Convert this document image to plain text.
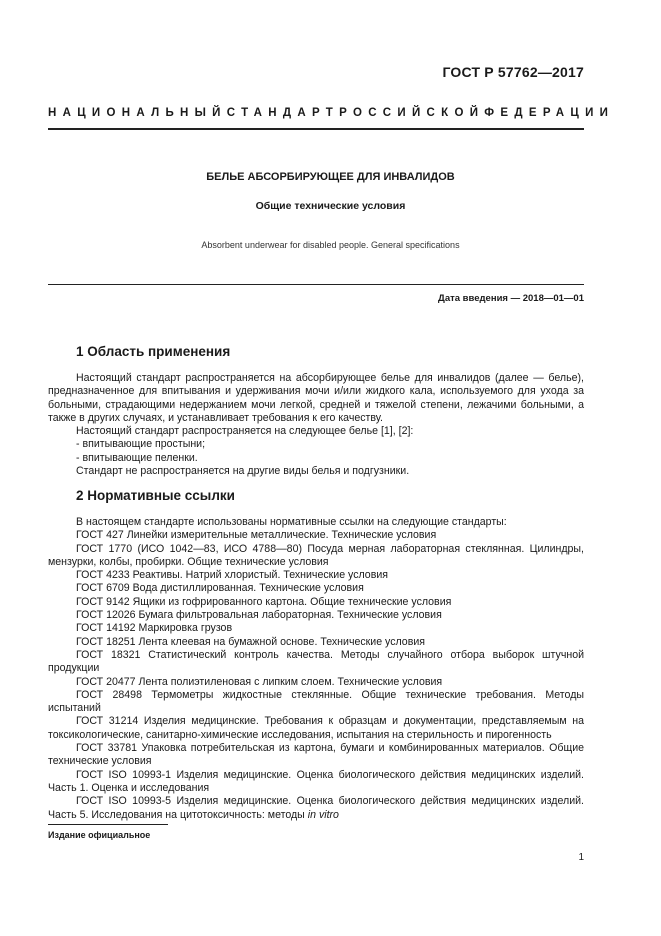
ГОСТ Р 57762—2017
НАЦИОНАЛЬНЫЙ СТАНДАРТ РОССИЙСКОЙ ФЕДЕРАЦИИ
БЕЛЬЕ АБСОРБИРУЮЩЕЕ ДЛЯ ИНВАЛИДОВ
Общие технические условия
Absorbent underwear for disabled people. General specifications
Дата введения — 2018—01—01
1 Область применения

Настоящий стандарт распространяется на абсорбирующее белье для инвалидов (далее — белье), предназначенное для впитывания и удерживания мочи и/или жидкого кала, используемого для ухода за больными, страдающими недержанием мочи легкой, средней и тяжелой степени, лежачими больными, а также в других случаях, и устанавливает требования к его качеству.

Настоящий стандарт распространяется на следующее белье [1], [2]:

- впитывающие простыни;

- впитывающие пеленки.

Стандарт не распространяется на другие виды белья и подгузники.

2 Нормативные ссылки

В настоящем стандарте использованы нормативные ссылки на следующие стандарты:

ГОСТ 427 Линейки измерительные металлические. Технические условия

ГОСТ 1770 (ИСО 1042—83, ИСО 4788—80) Посуда мерная лабораторная стеклянная. Цилиндры, мензурки, колбы, пробирки. Общие технические условия

ГОСТ 4233 Реактивы. Натрий хлористый. Технические условия

ГОСТ 6709 Вода дистиллированная. Технические условия

ГОСТ 9142 Ящики из гофрированного картона. Общие технические условия

ГОСТ 12026 Бумага фильтровальная лабораторная. Технические условия

ГОСТ 14192 Маркировка грузов

ГОСТ 18251 Лента клеевая на бумажной основе. Технические условия

ГОСТ 18321 Статистический контроль качества. Методы случайного отбора выборок штучной продукции

ГОСТ 20477 Лента полиэтиленовая с липким слоем. Технические условия

ГОСТ 28498 Термометры жидкостные стеклянные. Общие технические требования. Методы испытаний

ГОСТ 31214 Изделия медицинские. Требования к образцам и документации, представляемым на токсикологические, санитарно-химические исследования, испытания на стерильность и пирогенность

ГОСТ 33781 Упаковка потребительская из картона, бумаги и комбинированных материалов. Общие технические условия

ГОСТ ISO 10993-1 Изделия медицинские. Оценка биологического действия медицинских изделий. Часть 1. Оценка и исследования

ГОСТ ISO 10993-5 Изделия медицинские. Оценка биологического действия медицинских изделий. Часть 5. Исследования на цитотоксичность: методы in vitro

Издание официальное
1
